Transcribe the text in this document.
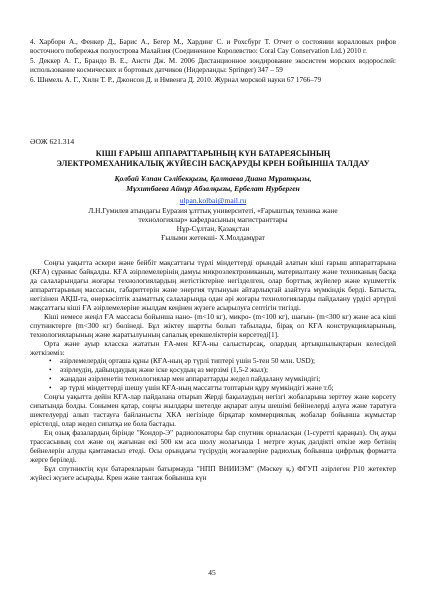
4. Харборн А., Фенкер Д., Барис А., Бегер М., Хардинг С. и Рохсбург Т. Отчет о состоянии коралловых рифов восточного побережья полуострова Малайзия (Соединенное Королевство: Coral Cay Conservation Ltd.) 2010 г.

5. Деккер А. Г., Брандо В. Е., Анстн Дж. М. 2006 Дистанционное зондирование экосистем морских водорослей: использование космических и бортовых датчиков (Нидерланды: Springer) 347 – 59

6. Шнмель А. Г., Хилн Т. Р., Джонсон Д. и Нмвенга Д. 2010. Журнал морской науки 67 1766–79

ӘОЖ 621.314
КІШІ ҒАРЫШ АППАРАТТАРЫНЫҢ КҮН БАТАРЕЯСЫНЫҢ
ЭЛЕКТРОМЕХАНИКАЛЫҚ ЖҮЙЕСІН БАСҚАРУДЫ КРЕН БОЙЫНША ТАЛДАУ
Қолбай Ұлпан Сәлібекқызы, Қалтаева Диана Мұратқызы,
Мұхитбаева Айнұр Абзалқызы, Ербелат Нурберген
ulpan.kolbai@mail.ru
Л.Н.Гумилев атындағы Еуразия ұлттық университеті, «Ғарыштық техника және
технологиялар» кафедрасының магистранттары
Нұр-Сұлтан, Қазақстан
Ғылыми жетекші- Х.Молдамұрат

Соңғы уақытта әскери және бейбіт мақсаттағы түрлі міндеттерді орындай алатын кіші ғарыш аппараттарына (КҒА) сұраныс байқалды. КҒА әзірлемелерінің дамуы микроэлектрониканың, материалтану және техниканың басқа да салаларындағы жоғары технологиялардың жетістіктеріне негізделген, олар борттық жүйелер және күшметтік аппараттарының массасын, габариттерін және энергия тұтынуын айтарлықтай азайтуға мүмкіндік берді. Батыста, негізінен АҚШ-та, өнеркәсіптік азаматтық салаларында одан әрі жоғары технологияларды пайдалану үрдісі әртүрлі мақсаттағы кіші ҒА әзірлемелеріне жылдам кеңінен жүзеге асырылуға септігін тигізді.

Кіші немесе жеңіл ҒА массасы бойынша нано- (m<10 кг), микро- (m<100 кг), шағын- (m<300 кг) және аса кіші спутниктерге (m<300 кг) бөлінеді. Бұл жіктеу шартты болып табылады, бірақ ол КҒА конструкцияларының, технологияларының және жаратылуының сапалық ерекшеліктерін көрсетеді[1].

Орта және ауыр класска жататын ҒА-мен КҒА-ны салыстырсақ, олардың артықшылықтарын келесідей жеткіземіз:

• әзірлемелердің орташа құны (КҒА-ның әр түрлі типтері үшін 5-тен 50 млн. USD);
• әзірлеудің, дайындаудың және іске қосудың аз мерзімі (1,5-2 жыл);
• жаңадан әзірленетін технологиялар мен аппараттарды жедел пайдалану мүмкіндігі;
• әр түрлі міндеттерді шешу үшін КҒА-ның массатты топтарын құру мүмкіндігі және т.б;

Соңғы уақытта дейін КҒА-лар пайдалана отырып Жерді бақылаудың негізгі жобаларына зерттеу және көрсету сипатында болды. Сонымен қатар, соңғы жылдары шетелде ақпарат алуы шешімі бейінелерді алуға және таратуға шектелуерді алып тастауға байланысты ХКА негізінде бірқатар коммерциялық жобалар бойынша жұмыстар ерістелді, олар жедел сипатқа ие бола бастады.

Ең озық фазалардың бірінде "Кондор-Э" радиолокаторы бар спутник орналасқан (1-суретті қараңыз). Оң ауқы трассасының сол және оң жағынан екі 500 км аса шолу жолағында 1 метрге жуық дәлдікті өткізе жер бетінің бейнелерін алуды қамтамасыз етеді. Осы орындағы түсірудің жоғаалеріне радиолық бойынша цифрлық форматта жерге беріледі.

Бұл спутниктің күн батареяларын батырмауда "НПП ВНИИЭМ" (Мәскеу қ.) ФГУП әзірлеген Р10 жетектер жүйесі жүзеге асырады. Крен және тангаж бойынша күн

45
